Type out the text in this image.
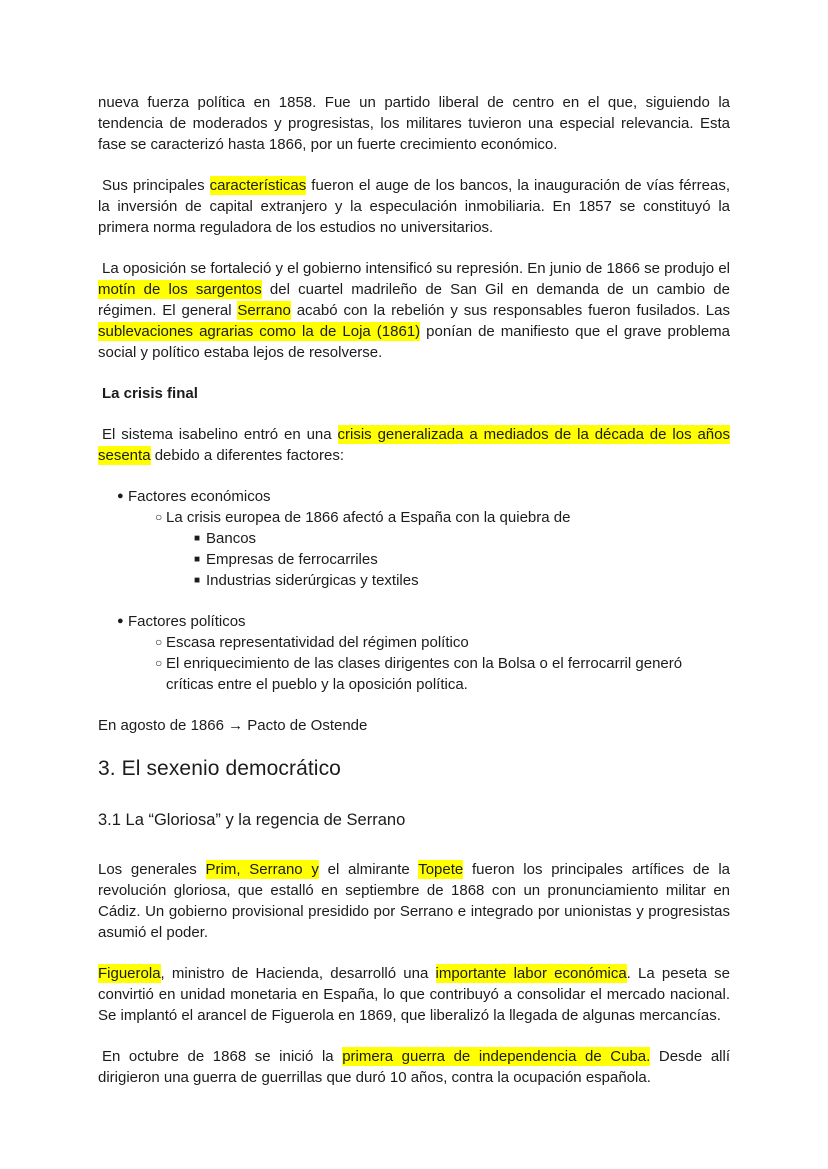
nueva fuerza política en 1858. Fue un partido liberal de centro en el que, siguiendo la tendencia de moderados y progresistas, los militares tuvieron una especial relevancia. Esta fase se caracterizó hasta 1866, por un fuerte crecimiento económico.

Sus principales características fueron el auge de los bancos, la inauguración de vías férreas, la inversión de capital extranjero y la especulación inmobiliaria. En 1857 se constituyó la primera norma reguladora de los estudios no universitarios.

La oposición se fortaleció y el gobierno intensificó su represión. En junio de 1866 se produjo el motín de los sargentos del cuartel madrileño de San Gil en demanda de un cambio de régimen. El general Serrano acabó con la rebelión y sus responsables fueron fusilados. Las sublevaciones agrarias como la de Loja (1861) ponían de manifiesto que el grave problema social y político estaba lejos de resolverse.

La crisis final

El sistema isabelino entró en una crisis generalizada a mediados de la década de los años sesenta debido a diferentes factores:

● Factores económicos
○ La crisis europea de 1866 afectó a España con la quiebra de
■ Bancos
■ Empresas de ferrocarriles
■ Industrias siderúrgicas y textiles
● Factores políticos
○ Escasa representatividad del régimen político
○ El enriquecimiento de las clases dirigentes con la Bolsa o el ferrocarril generó críticas entre el pueblo y la oposición política.

En agosto de 1866 → Pacto de Ostende

3. El sexenio democrático
3.1 La “Gloriosa” y la regencia de Serrano

Los generales Prim, Serrano y el almirante Topete fueron los principales artífices de la revolución gloriosa, que estalló en septiembre de 1868 con un pronunciamiento militar en Cádiz. Un gobierno provisional presidido por Serrano e integrado por unionistas y progresistas asumió el poder.

Figuerola, ministro de Hacienda, desarrolló una importante labor económica. La peseta se convirtió en unidad monetaria en España, lo que contribuyó a consolidar el mercado nacional. Se implantó el arancel de Figuerola en 1869, que liberalizó la llegada de algunas mercancías.

En octubre de 1868 se inició la primera guerra de independencia de Cuba. Desde allí dirigieron una guerra de guerrillas que duró 10 años, contra la ocupación española.
